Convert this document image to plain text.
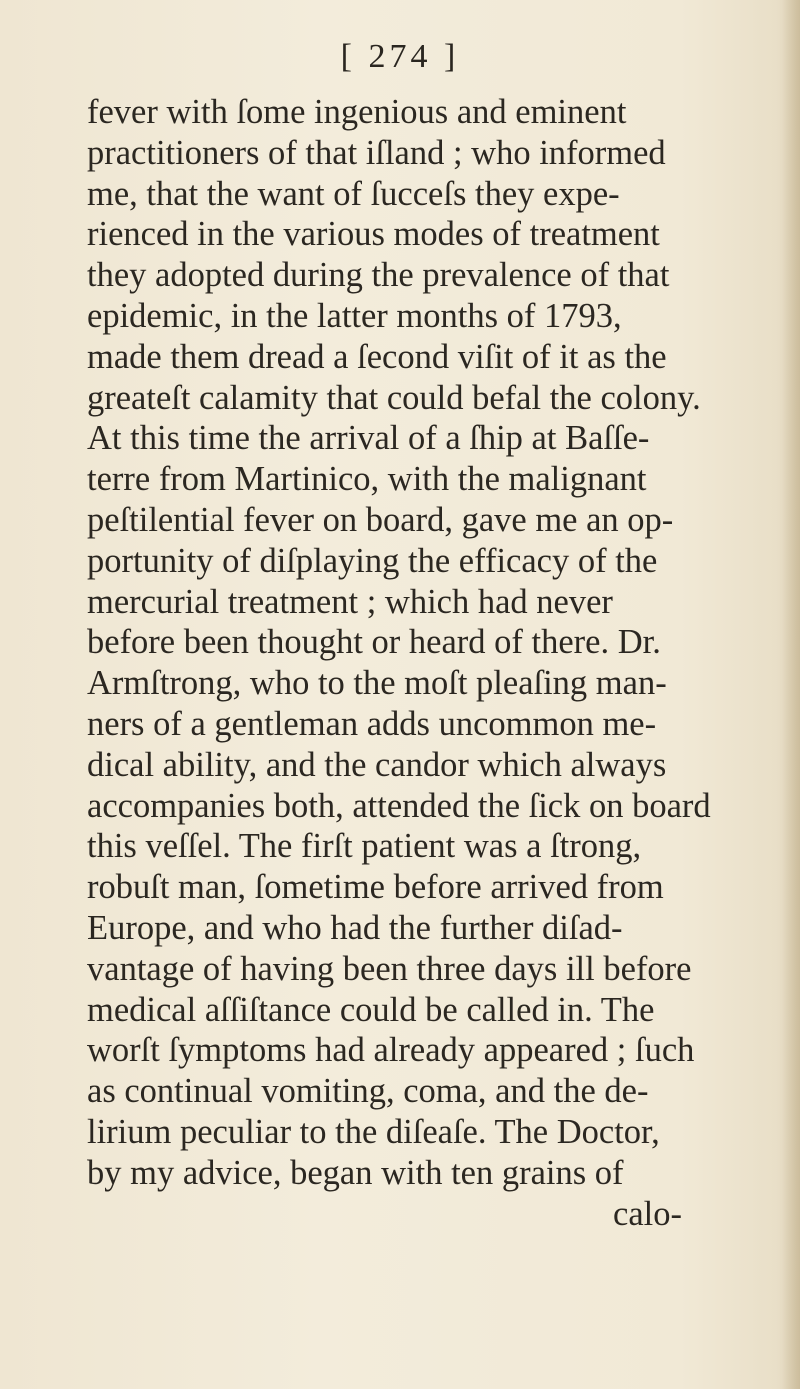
[ 274 ]
fever with ſome ingenious and eminent
practitioners of that iſland ; who informed
me, that the want of ſucceſs they expe-
rienced in the various modes of treatment
they adopted during the prevalence of that
epidemic, in the latter months of 1793,
made them dread a ſecond viſit of it as the
greateſt calamity that could befal the colony.
At this time the arrival of a ſhip at Baſſe-
terre from Martinico, with the malignant
peſtilential fever on board, gave me an op-
portunity of diſplaying the efficacy of the
mercurial treatment ; which had never
before been thought or heard of there. Dr.
Armſtrong, who to the moſt pleaſing man-
ners of a gentleman adds uncommon me-
dical ability, and the candor which always
accompanies both, attended the ſick on board
this veſſel. The firſt patient was a ſtrong,
robuſt man, ſometime before arrived from
Europe, and who had the further diſad-
vantage of having been three days ill before
medical aſſiſtance could be called in. The
worſt ſymptoms had already appeared ; ſuch
as continual vomiting, coma, and the de-
lirium peculiar to the diſeaſe. The Doctor,
by my advice, began with ten grains of
calo-
